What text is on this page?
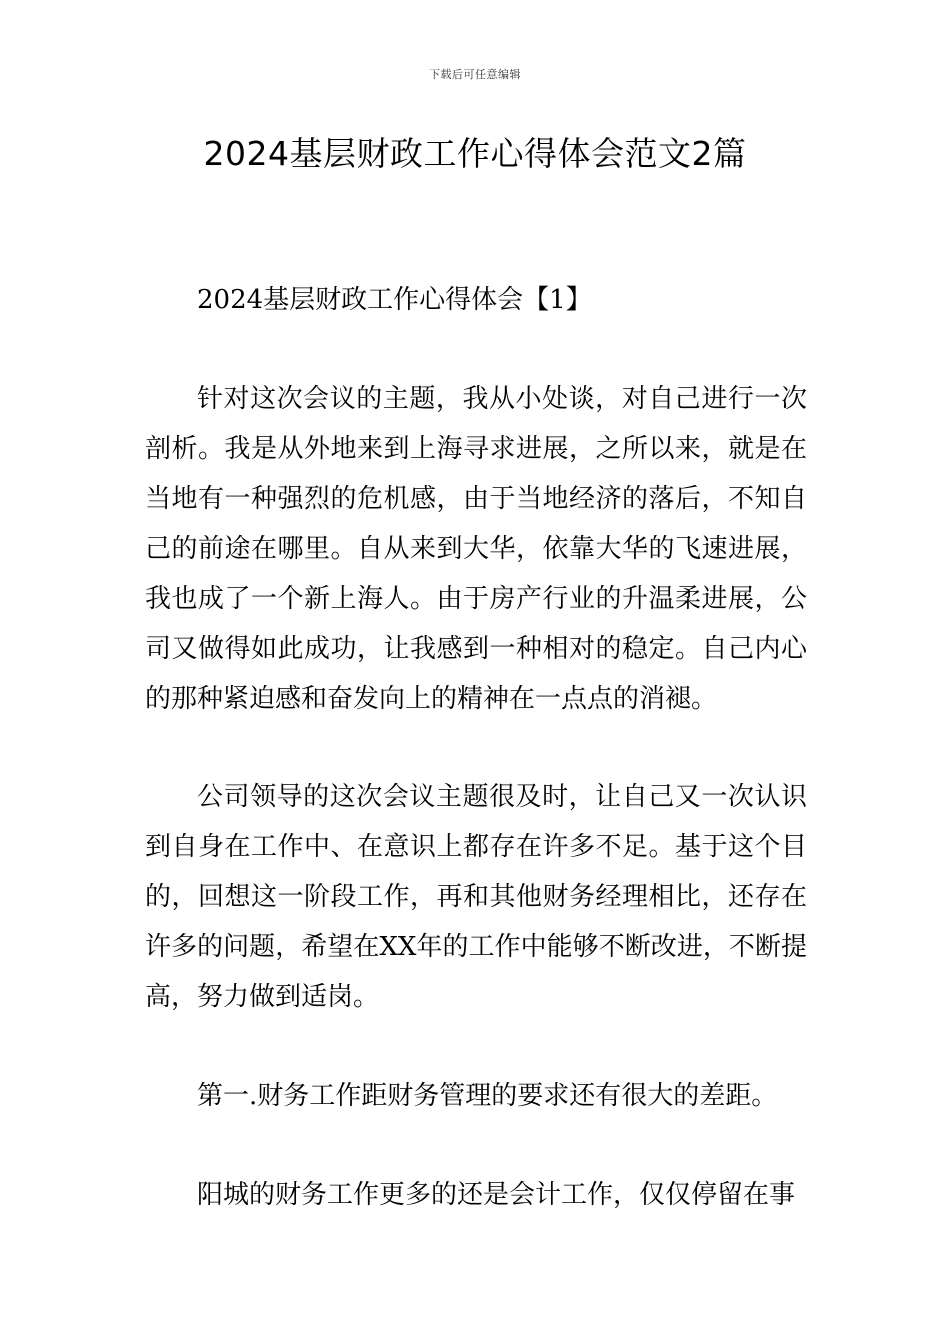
下载后可任意编辑
2024基层财政工作心得体会范文2篇

2024基层财政工作心得体会【1】

针对这次会议的主题，我从小处谈，对自己进行一次剖析。我是从外地来到上海寻求进展，之所以来，就是在当地有一种强烈的危机感，由于当地经济的落后，不知自己的前途在哪里。自从来到大华，依靠大华的飞速进展，我也成了一个新上海人。由于房产行业的升温柔进展，公司又做得如此成功，让我感到一种相对的稳定。自己内心的那种紧迫感和奋发向上的精神在一点点的消褪。

公司领导的这次会议主题很及时，让自己又一次认识到自身在工作中、在意识上都存在许多不足。基于这个目的，回想这一阶段工作，再和其他财务经理相比，还存在许多的问题，希望在XX年的工作中能够不断改进，不断提高，努力做到适岗。

第一.财务工作距财务管理的要求还有很大的差距。

阳城的财务工作更多的还是会计工作，仅仅停留在事
